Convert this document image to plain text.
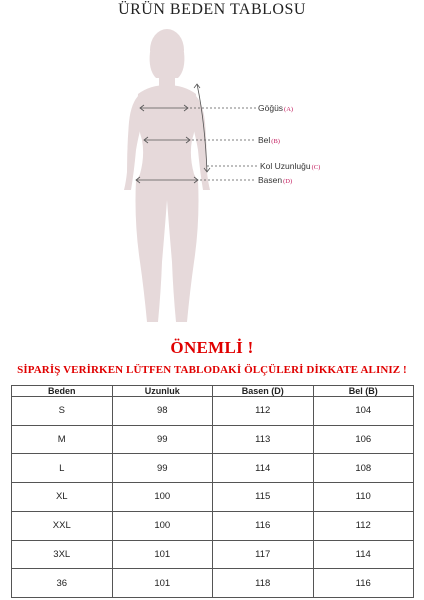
ÜRÜN BEDEN TABLOSU
Göğüs(A)
Bel(B)
Kol Uzunluğu(C)
Basen(D)
ÖNEMLİ !
SİPARİŞ VERİRKEN LÜTFEN TABLODAKİ ÖLÇÜLERİ DİKKATE ALINIZ !
Beden	Uzunluk	Basen (D)	Bel (B)
S	98	112	104
M	99	113	106
L	99	114	108
XL	100	115	110
XXL	100	116	112
3XL	101	117	114
36	101	118	116
